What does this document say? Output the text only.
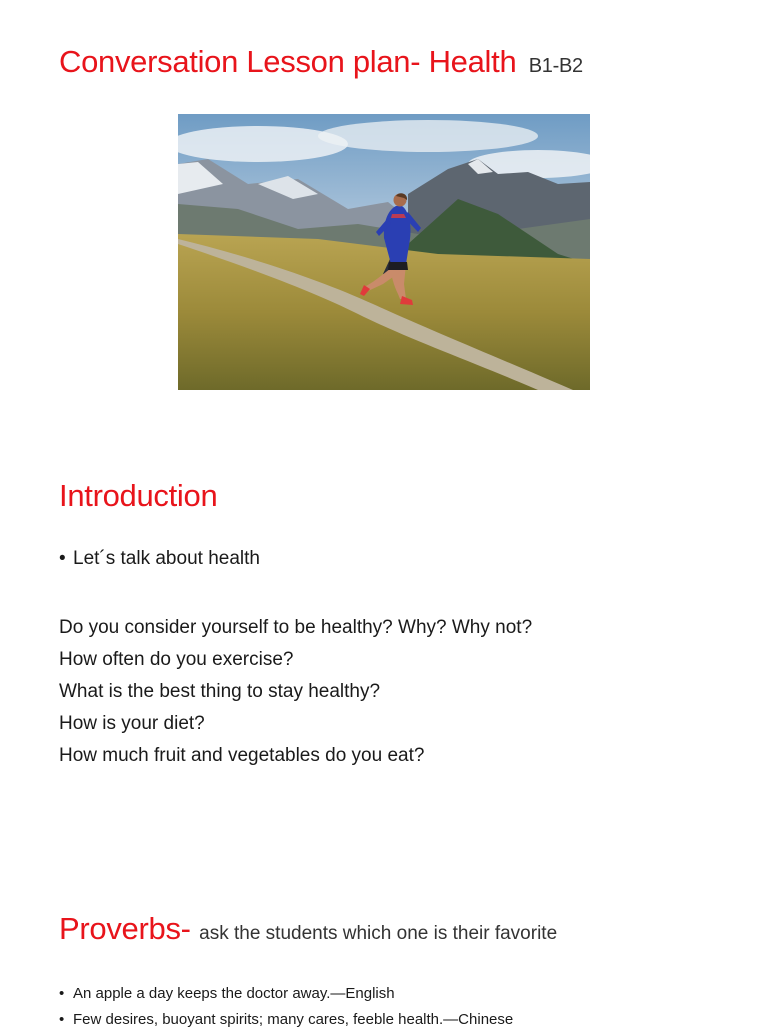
Conversation Lesson plan- Health B1-B2
Introduction
• Let´s talk about health
Do you consider yourself to be healthy? Why? Why not?
How often do you exercise?
What is the best thing to stay healthy?
How is your diet?
How much fruit and vegetables do you eat?
Proverbs- ask the students which one is their favorite
• An apple a day keeps the doctor away.—English
• Few desires, buoyant spirits; many cares, feeble health.—Chinese
